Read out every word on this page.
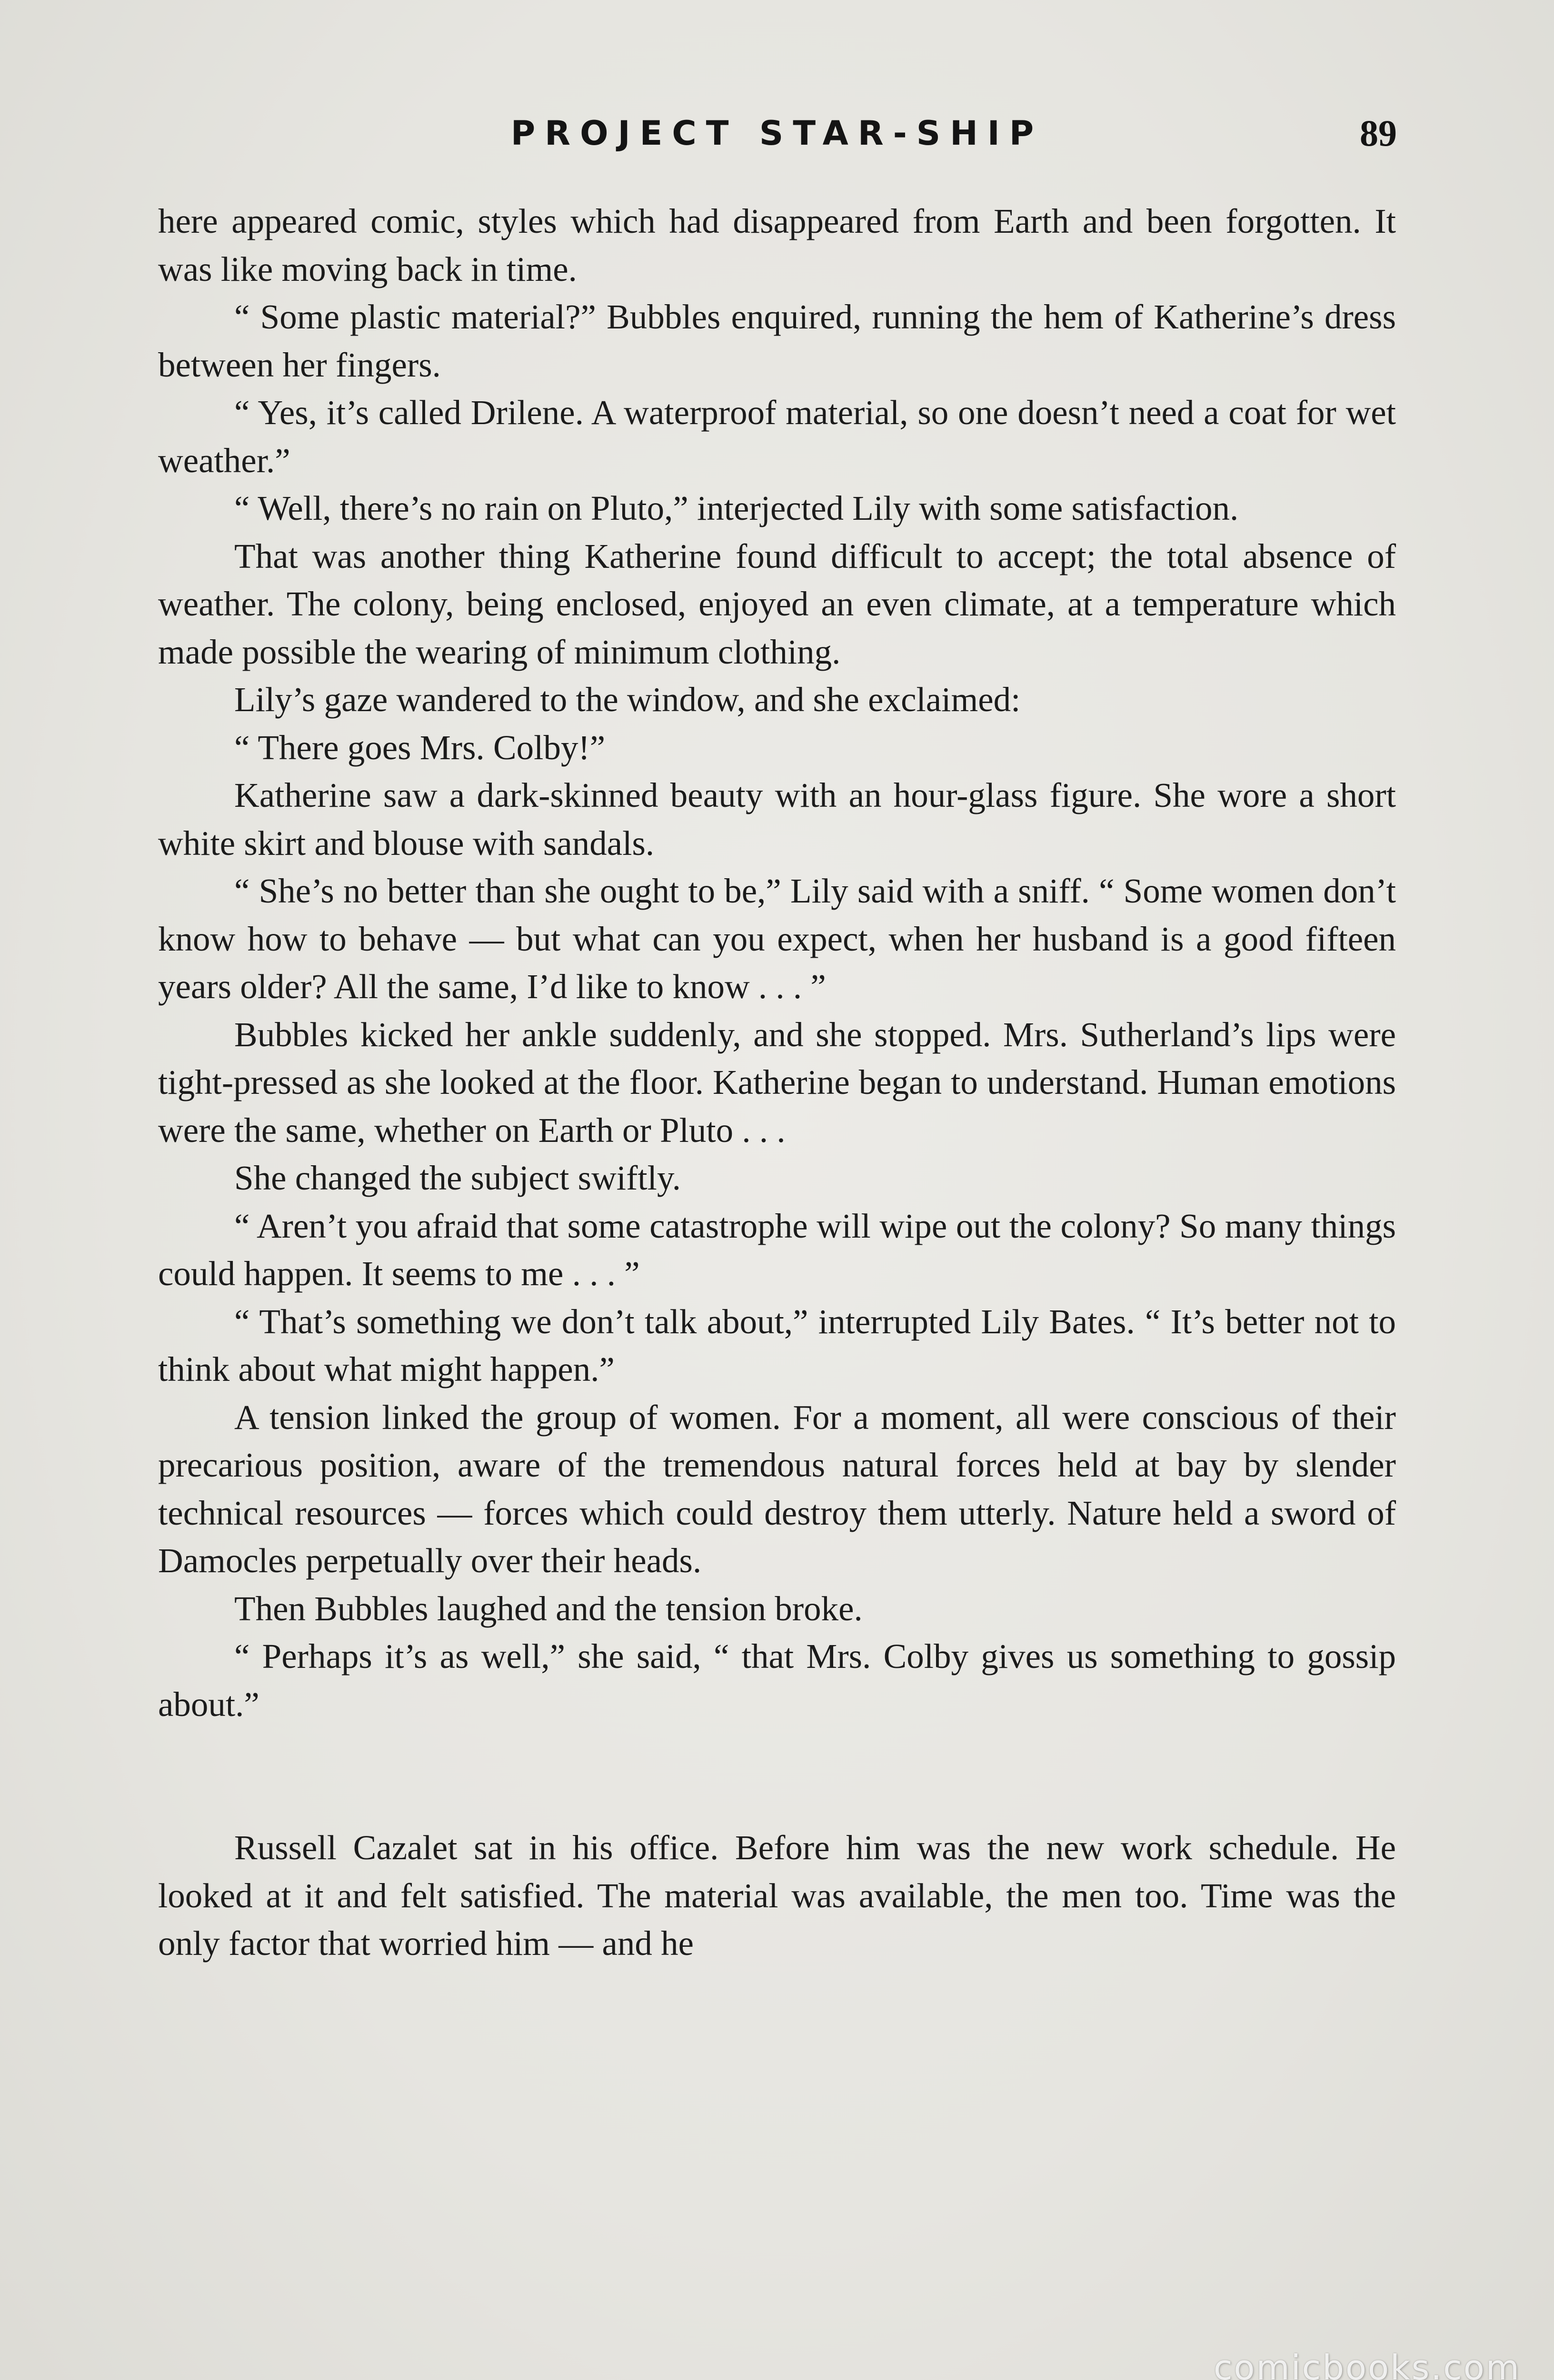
PROJECT STAR-SHIP	89

here appeared comic, styles which had disappeared from Earth and been forgotten. It was like moving back in time.

“ Some plastic material?” Bubbles enquired, running the hem of Katherine’s dress between her fingers.

“ Yes, it’s called Drilene. A waterproof material, so one doesn’t need a coat for wet weather.”

“ Well, there’s no rain on Pluto,” interjected Lily with some satisfaction.

That was another thing Katherine found difficult to accept; the total absence of weather. The colony, being enclosed, enjoyed an even climate, at a temperature which made possible the wearing of minimum clothing.

Lily’s gaze wandered to the window, and she exclaimed:

“ There goes Mrs. Colby!”

Katherine saw a dark-skinned beauty with an hour-glass figure. She wore a short white skirt and blouse with sandals.

“ She’s no better than she ought to be,” Lily said with a sniff. “ Some women don’t know how to behave — but what can you expect, when her husband is a good fifteen years older? All the same, I’d like to know . . . ”

Bubbles kicked her ankle suddenly, and she stopped. Mrs. Sutherland’s lips were tight-pressed as she looked at the floor. Katherine began to understand. Human emotions were the same, whether on Earth or Pluto . . .

She changed the subject swiftly.

“ Aren’t you afraid that some catastrophe will wipe out the colony? So many things could happen. It seems to me . . . ”

“ That’s something we don’t talk about,” interrupted Lily Bates. “ It’s better not to think about what might happen.”

A tension linked the group of women. For a moment, all were conscious of their precarious position, aware of the tremendous natural forces held at bay by slender technical resources — forces which could destroy them utterly. Nature held a sword of Damocles perpetually over their heads.

Then Bubbles laughed and the tension broke.

“ Perhaps it’s as well,” she said, “ that Mrs. Colby gives us something to gossip about.”

Russell Cazalet sat in his office. Before him was the new work schedule. He looked at it and felt satisfied. The material was available, the men too. Time was the only factor that worried him — and he

comicbooks.com
